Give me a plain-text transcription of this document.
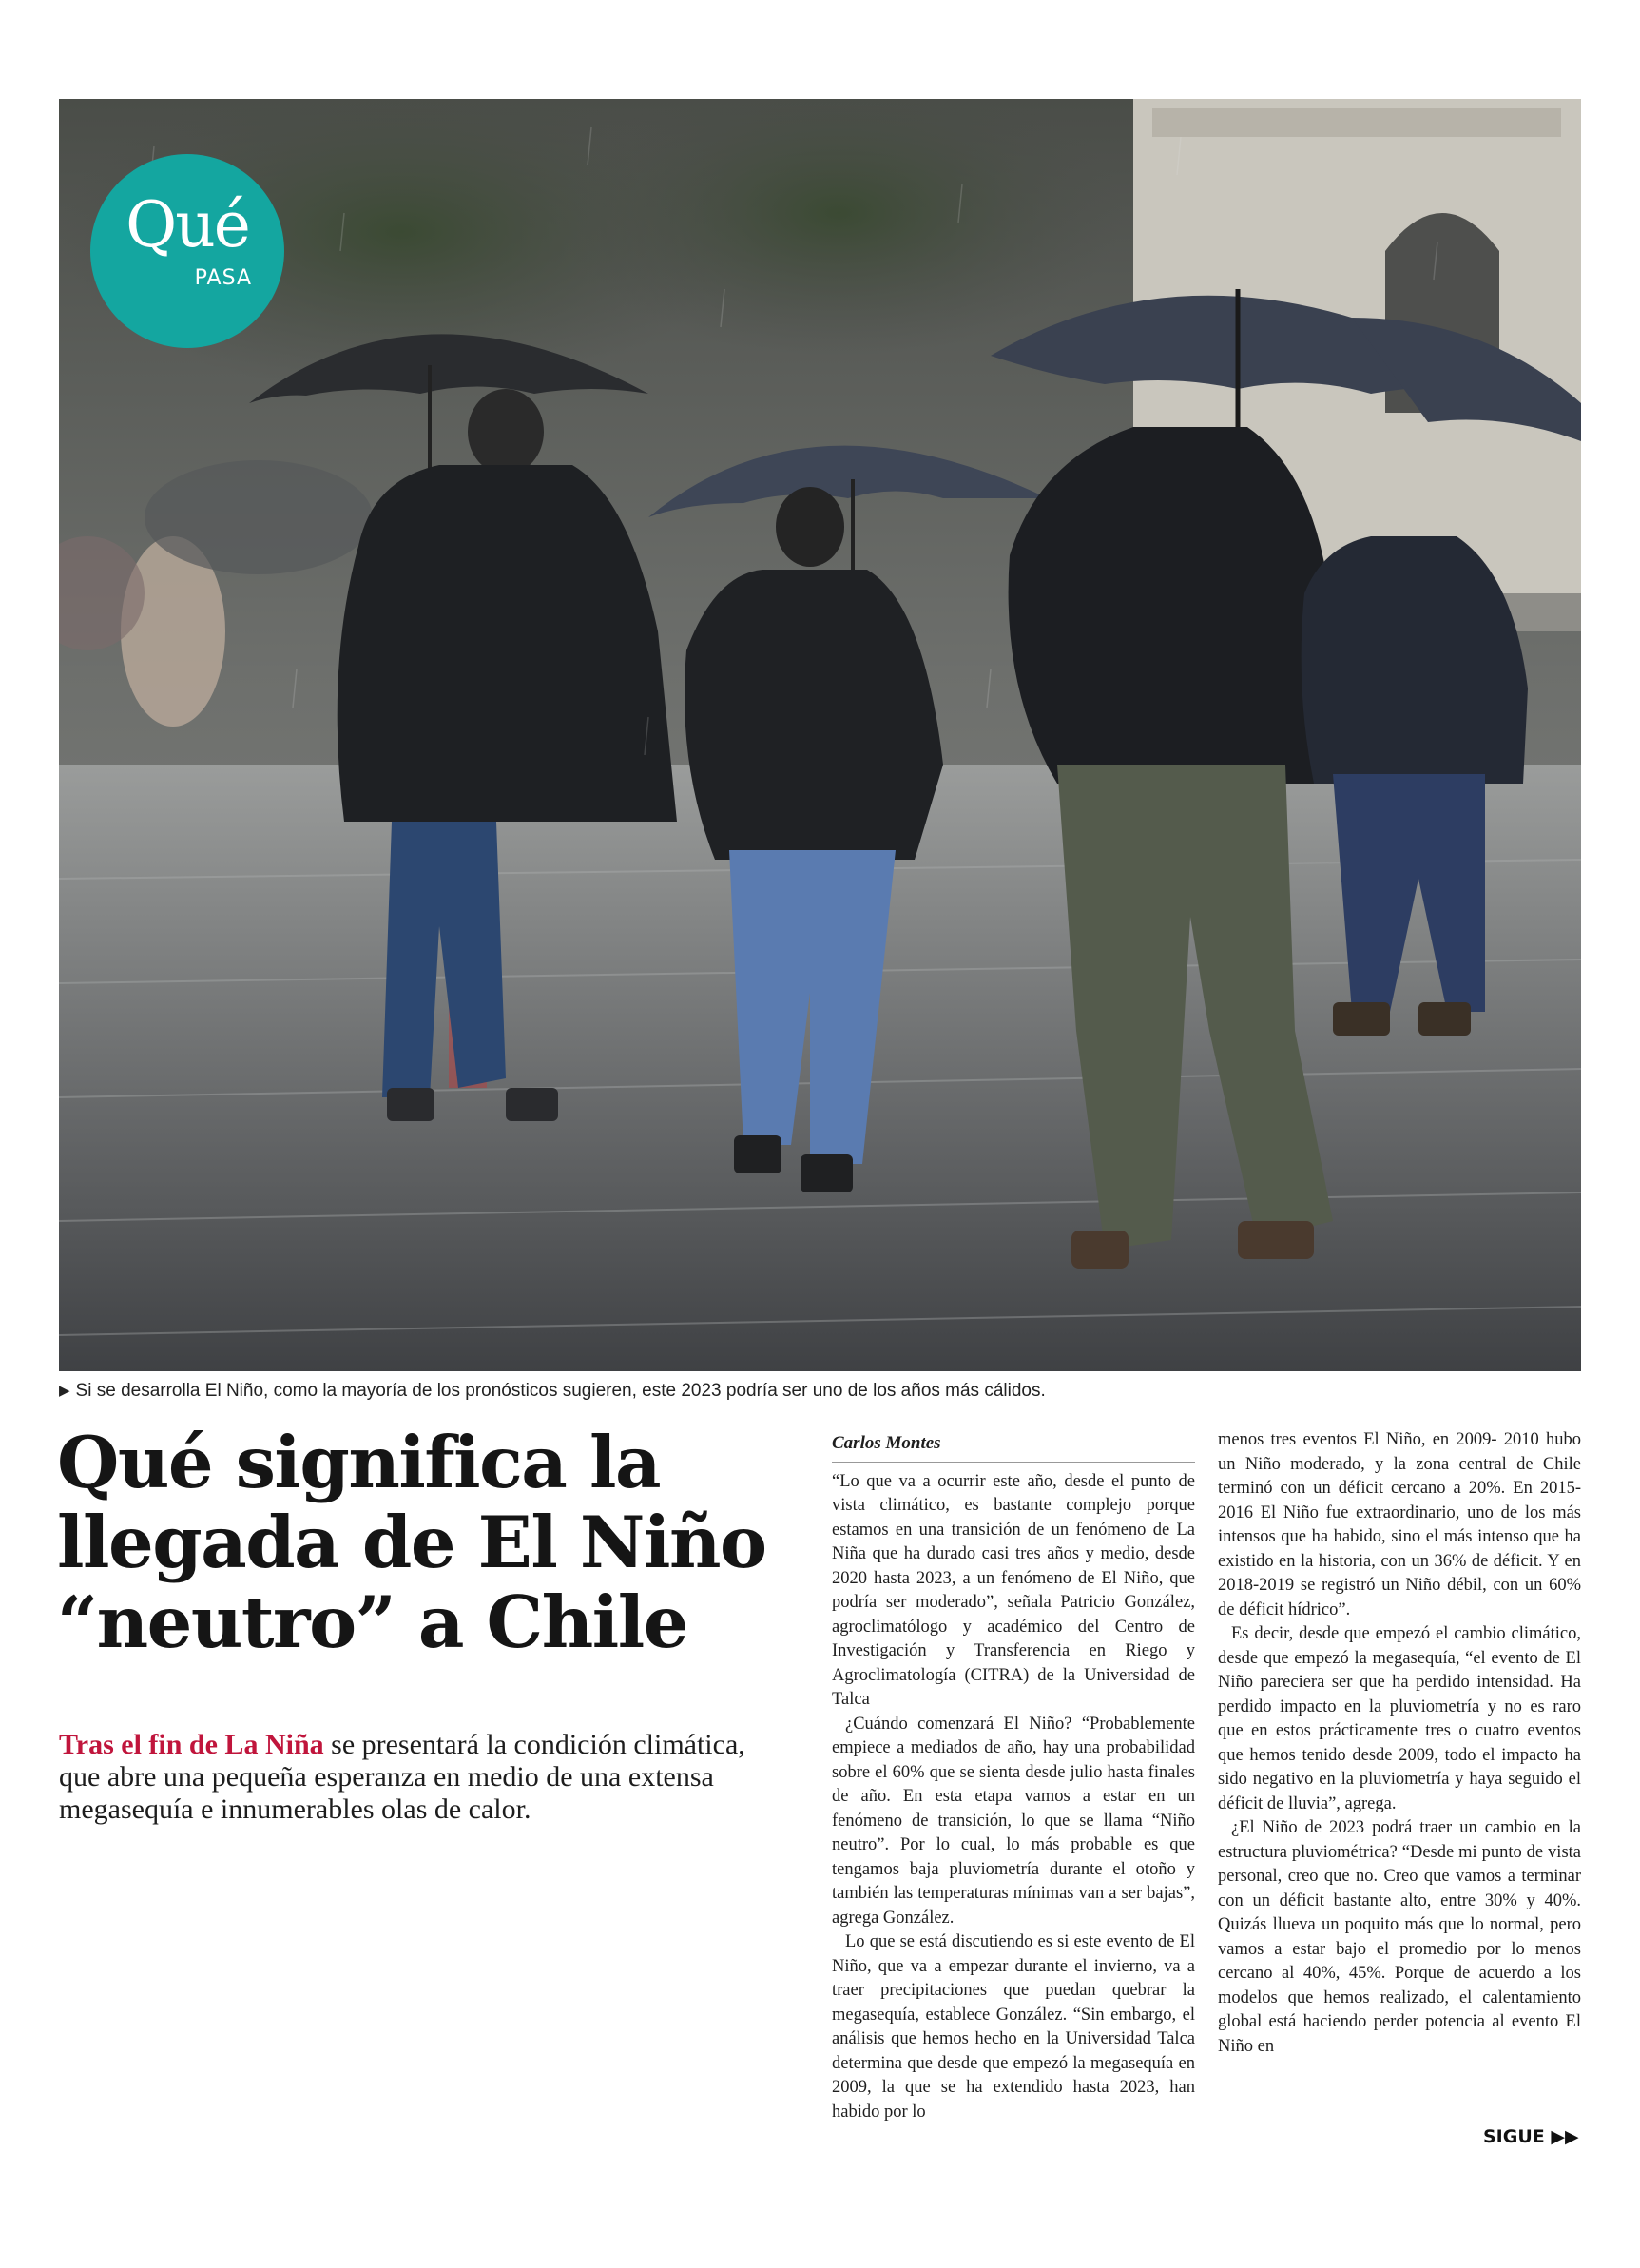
Qué
PASA
▶ Si se desarrolla El Niño, como la mayoría de los pronósticos sugieren, este 2023 podría ser uno de los años más cálidos.
Qué significa la
llegada de El Niño
“neutro” a Chile
Tras el fin de La Niña se presentará la condición climática, que abre una pequeña esperanza en medio de una extensa megasequía e innumerables olas de calor.
Carlos Montes

“Lo que va a ocurrir este año, desde el punto de vista climático, es bastante complejo porque estamos en una transición de un fenómeno de La Niña que ha durado casi tres años y medio, desde 2020 hasta 2023, a un fenómeno de El Niño, que podría ser moderado”, señala Patricio González, agroclimatólogo y académico del Centro de Investigación y Transferencia en Riego y Agroclimatología (CITRA) de la Universidad de Talca

¿Cuándo comenzará El Niño? “Probablemente empiece a mediados de año, hay una probabilidad sobre el 60% que se sienta desde julio hasta finales de año. En esta etapa vamos a estar en un fenómeno de transición, lo que se llama “Niño neutro”. Por lo cual, lo más probable es que tengamos baja pluviometría durante el otoño y también las temperaturas mínimas van a ser bajas”, agrega González.

Lo que se está discutiendo es si este evento de El Niño, que va a empezar durante el invierno, va a traer precipitaciones que puedan quebrar la megasequía, establece González. “Sin embargo, el análisis que hemos hecho en la Universidad Talca determina que desde que empezó la megasequía en 2009, la que se ha extendido hasta 2023, han habido por lo

menos tres eventos El Niño, en 2009- 2010 hubo un Niño moderado, y la zona central de Chile terminó con un déficit cercano a 20%. En 2015-2016 El Niño fue extraordinario, uno de los más intensos que ha habido, sino el más intenso que ha existido en la historia, con un 36% de déficit. Y en 2018-2019 se registró un Niño débil, con un 60% de déficit hídrico”.

Es decir, desde que empezó el cambio climático, desde que empezó la megasequía, “el evento de El Niño pareciera ser que ha perdido intensidad. Ha perdido impacto en la pluviometría y no es raro que en estos prácticamente tres o cuatro eventos que hemos tenido desde 2009, todo el impacto ha sido negativo en la pluviometría y haya seguido el déficit de lluvia”, agrega.

¿El Niño de 2023 podrá traer un cambio en la estructura pluviométrica? “Desde mi punto de vista personal, creo que no. Creo que vamos a terminar con un déficit bastante alto, entre 30% y 40%. Quizás llueva un poquito más que lo normal, pero vamos a estar bajo el promedio por lo menos cercano al 40%, 45%. Porque de acuerdo a los modelos que hemos realizado, el calentamiento global está haciendo perder potencia al evento El Niño en

SIGUE ▶▶
